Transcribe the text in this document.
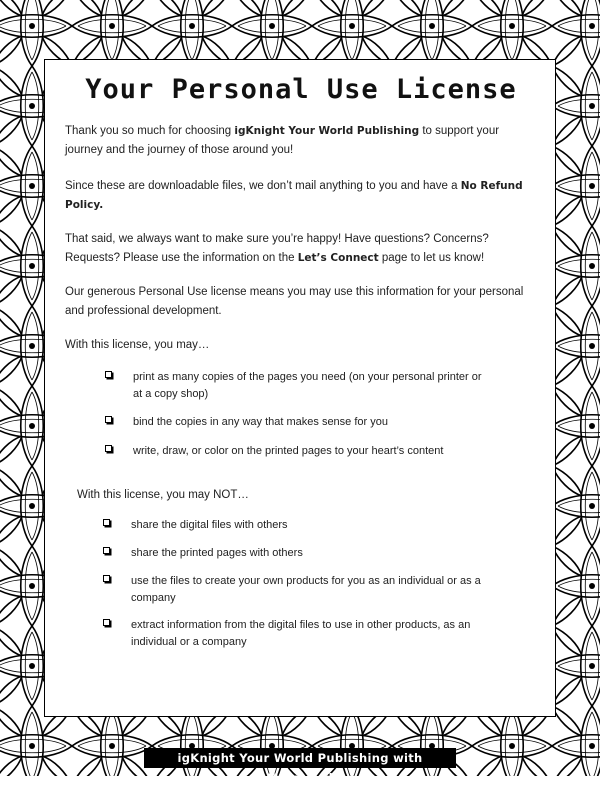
Your Personal Use License

Thank you so much for choosing igKnight Your World Publishing to support your journey and the journey of those around you!

Since these are downloadable files, we don’t mail anything to you and have a No Refund Policy.

That said, we always want to make sure you’re happy! Have questions? Concerns? Requests? Please use the information on the Let’s Connect page to let us know!

Our generous Personal Use license means you may use this information for your personal and professional development.

With this license, you may…

print as many copies of the pages you need (on your personal printer or at a copy shop)
bind the copies in any way that makes sense for you
write, draw, or color on the printed pages to your heart’s content

With this license, you may NOT…

share the digital files with others
share the printed pages with others
use the files to create your own products for you as an individual or as a company
extract information from the digital files to use in other products, as an individual or a company
igKnight Your World Publishing with MamaRed
